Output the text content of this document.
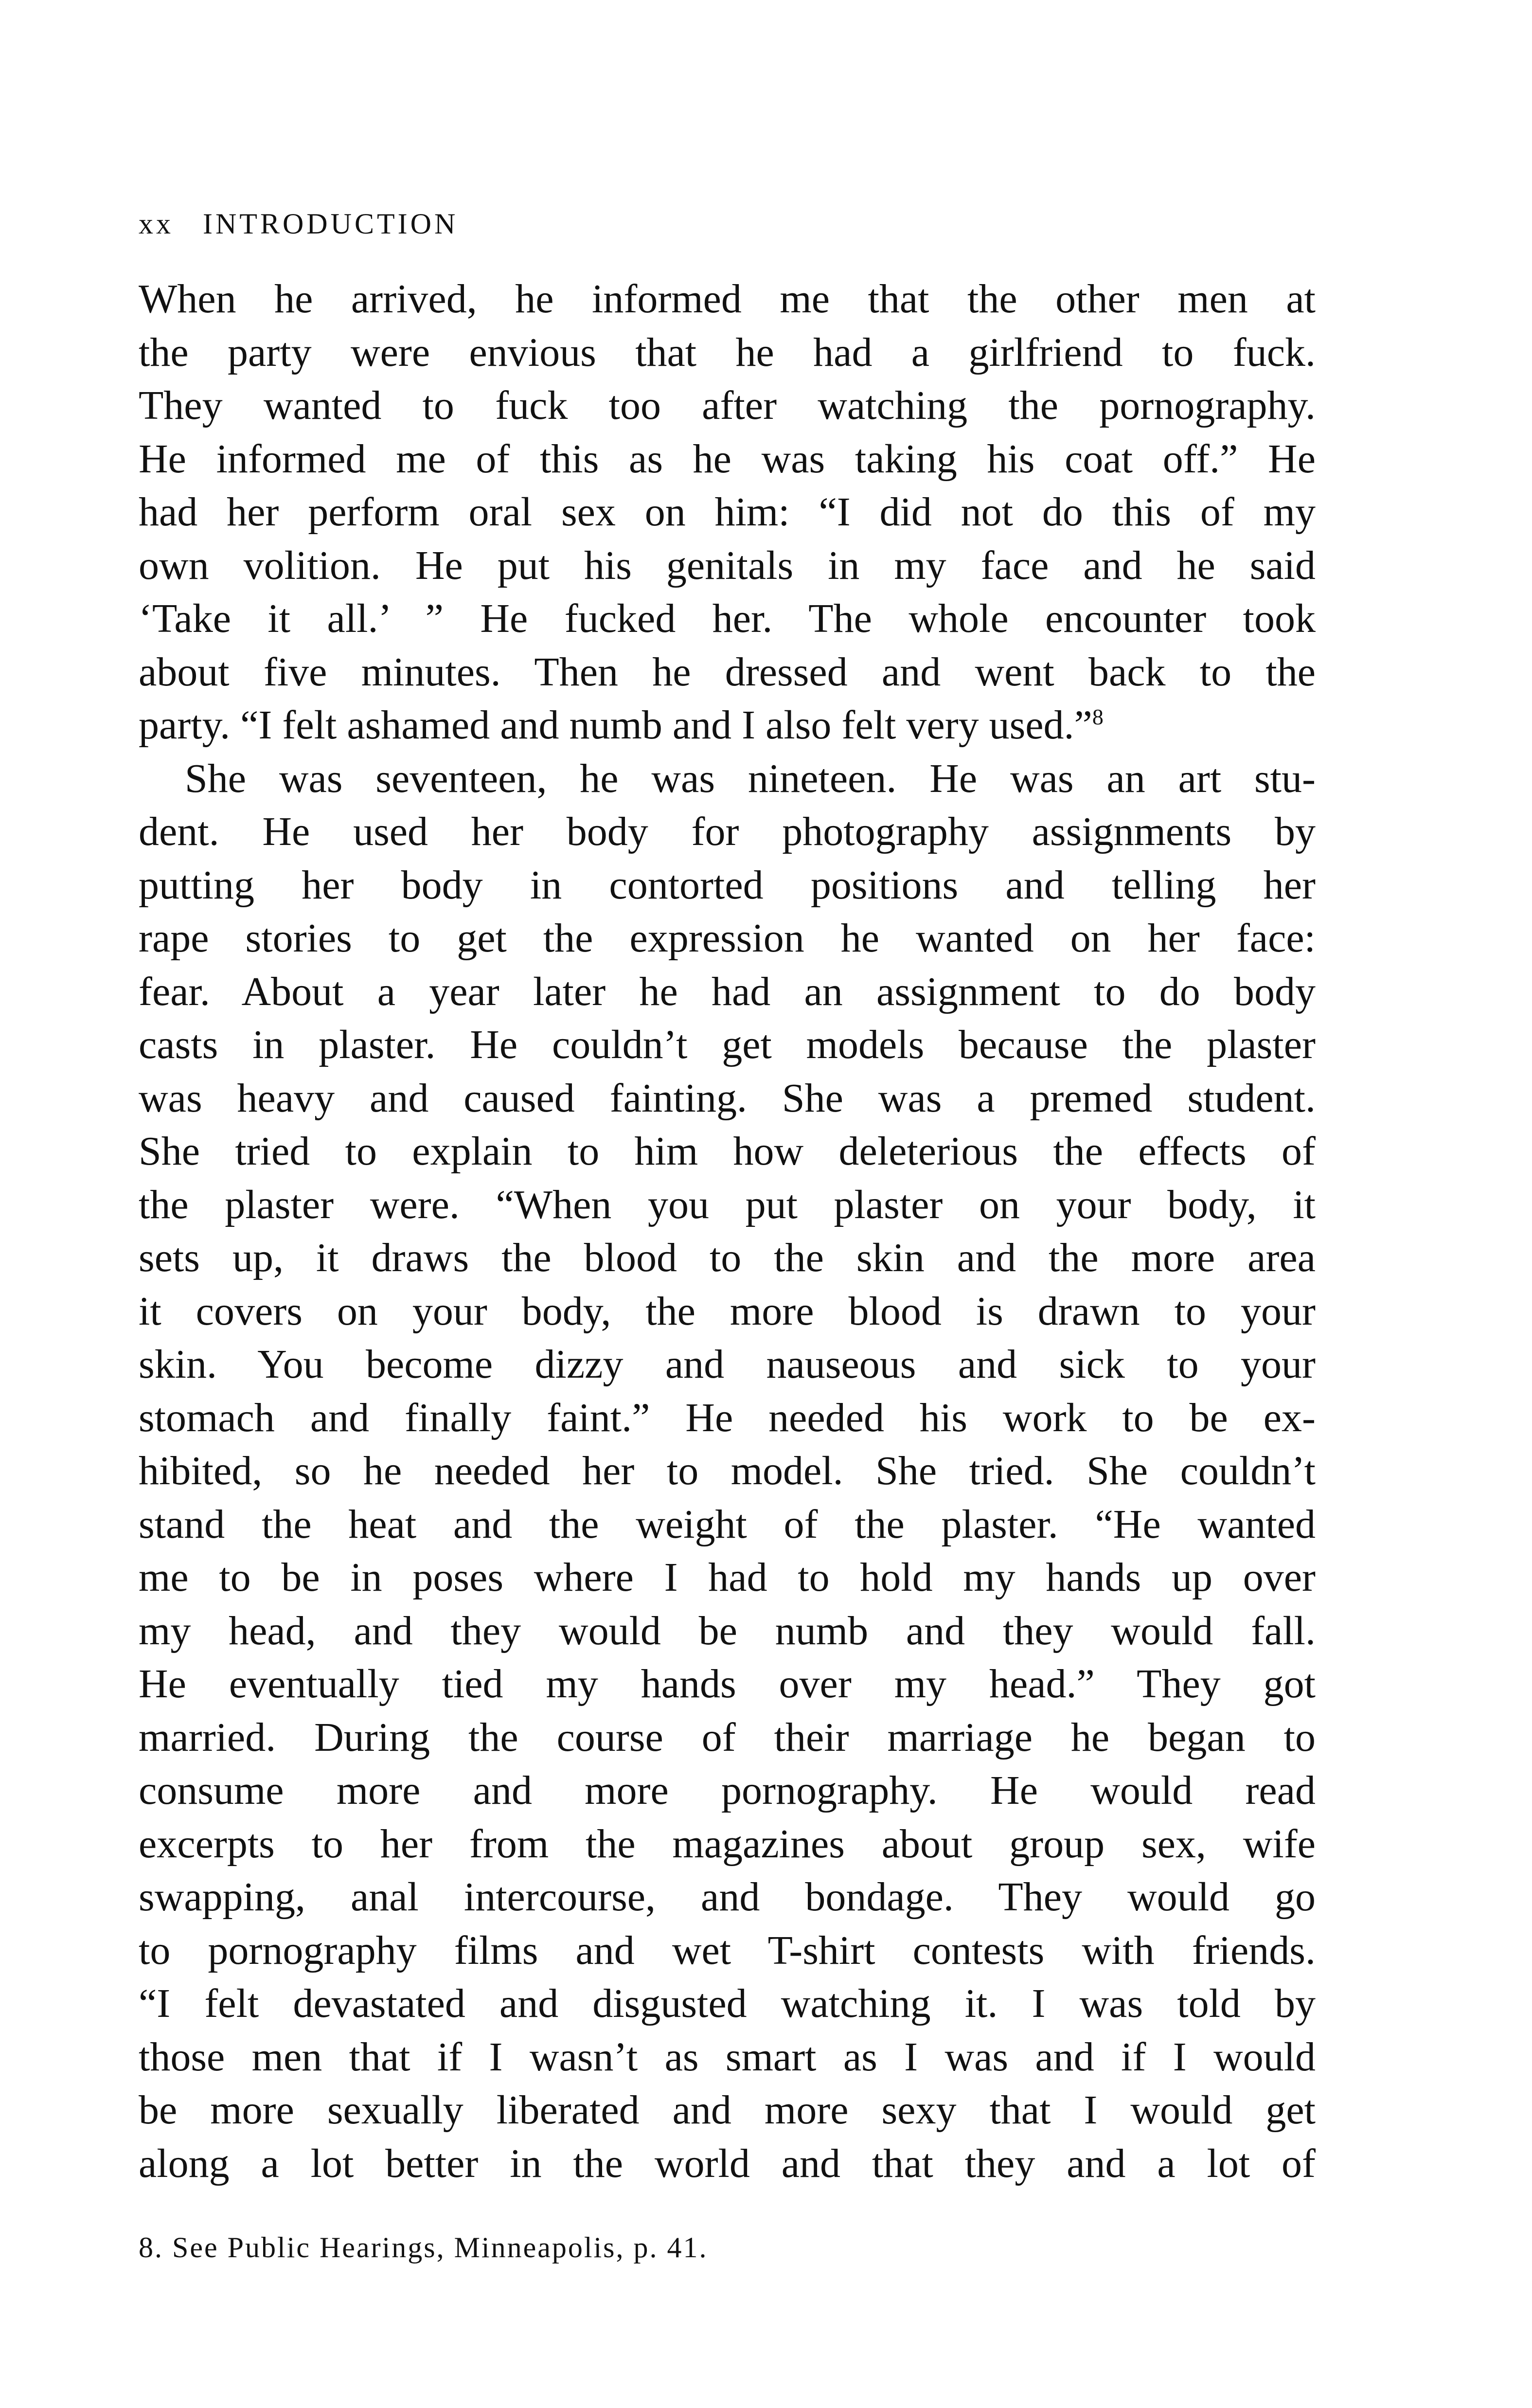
xx INTRODUCTION
When he arrived, he informed me that the other men at
the party were envious that he had a girlfriend to fuck.
They wanted to fuck too after watching the pornography.
He informed me of this as he was taking his coat off.” He
had her perform oral sex on him: “I did not do this of my
own volition. He put his genitals in my face and he said
‘Take it all.’ ” He fucked her. The whole encounter took
about five minutes. Then he dressed and went back to the
party. “I felt ashamed and numb and I also felt very used.”$^8$
She was seventeen, he was nineteen. He was an art stu-
dent. He used her body for photography assignments by
putting her body in contorted positions and telling her
rape stories to get the expression he wanted on her face:
fear. About a year later he had an assignment to do body
casts in plaster. He couldn’t get models because the plaster
was heavy and caused fainting. She was a premed student.
She tried to explain to him how deleterious the effects of
the plaster were. “When you put plaster on your body, it
sets up, it draws the blood to the skin and the more area
it covers on your body, the more blood is drawn to your
skin. You become dizzy and nauseous and sick to your
stomach and finally faint.” He needed his work to be ex-
hibited, so he needed her to model. She tried. She couldn’t
stand the heat and the weight of the plaster. “He wanted
me to be in poses where I had to hold my hands up over
my head, and they would be numb and they would fall.
He eventually tied my hands over my head.” They got
married. During the course of their marriage he began to
consume more and more pornography. He would read
excerpts to her from the magazines about group sex, wife
swapping, anal intercourse, and bondage. They would go
to pornography films and wet T-shirt contests with friends.
“I felt devastated and disgusted watching it. I was told by
those men that if I wasn’t as smart as I was and if I would
be more sexually liberated and more sexy that I would get
along a lot better in the world and that they and a lot of
8. See Public Hearings, Minneapolis, p. 41.
